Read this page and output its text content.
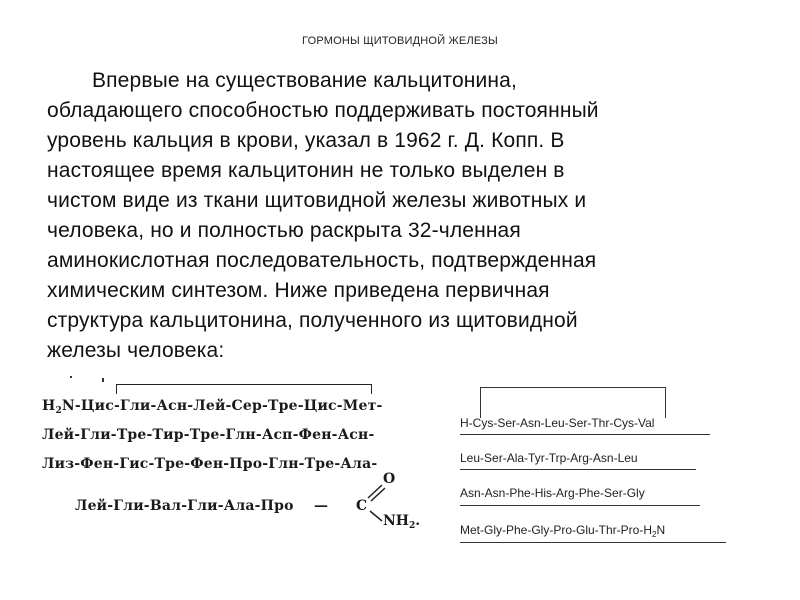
ГОРМОНЫ ЩИТОВИДНОЙ ЖЕЛЕЗЫ
Впервые на существование кальцитонина,
обладающего способностью поддерживать постоянный
уровень кальция в крови, указал в 1962 г. Д. Копп. В
настоящее время кальцитонин не только выделен в
чистом виде из ткани щитовидной железы животных и
человека, но и полностью раскрыта 32-членная
аминокислотная последовательность, подтвержденная
химическим синтезом. Ниже приведена первичная
структура кальцитонина, полученного из щитовидной
железы человека:
$H_2N-Цис-Гли-Асн-Лей-Сер-Тре-Цис-Мет-$
Лей-Гли-Тре-Тир-Тре-Глн-Асп-Фен-Асн-
Лиз-Фен-Гис-Тре-Фен-Про-Глн-Тре-Ала-
Лей-Гли-Вал-Гли-Ала-Про — C
O
$NH_2$.
H-Cys-Ser-Asn-Leu-Ser-Thr-Cys-Val
Leu-Ser-Ala-Tyr-Trp-Arg-Asn-Leu
Asn-Asn-Phe-His-Arg-Phe-Ser-Gly
Met-$Gly-Phe-Gly-Pro-Glu-Thr-Pro-H_2N$
